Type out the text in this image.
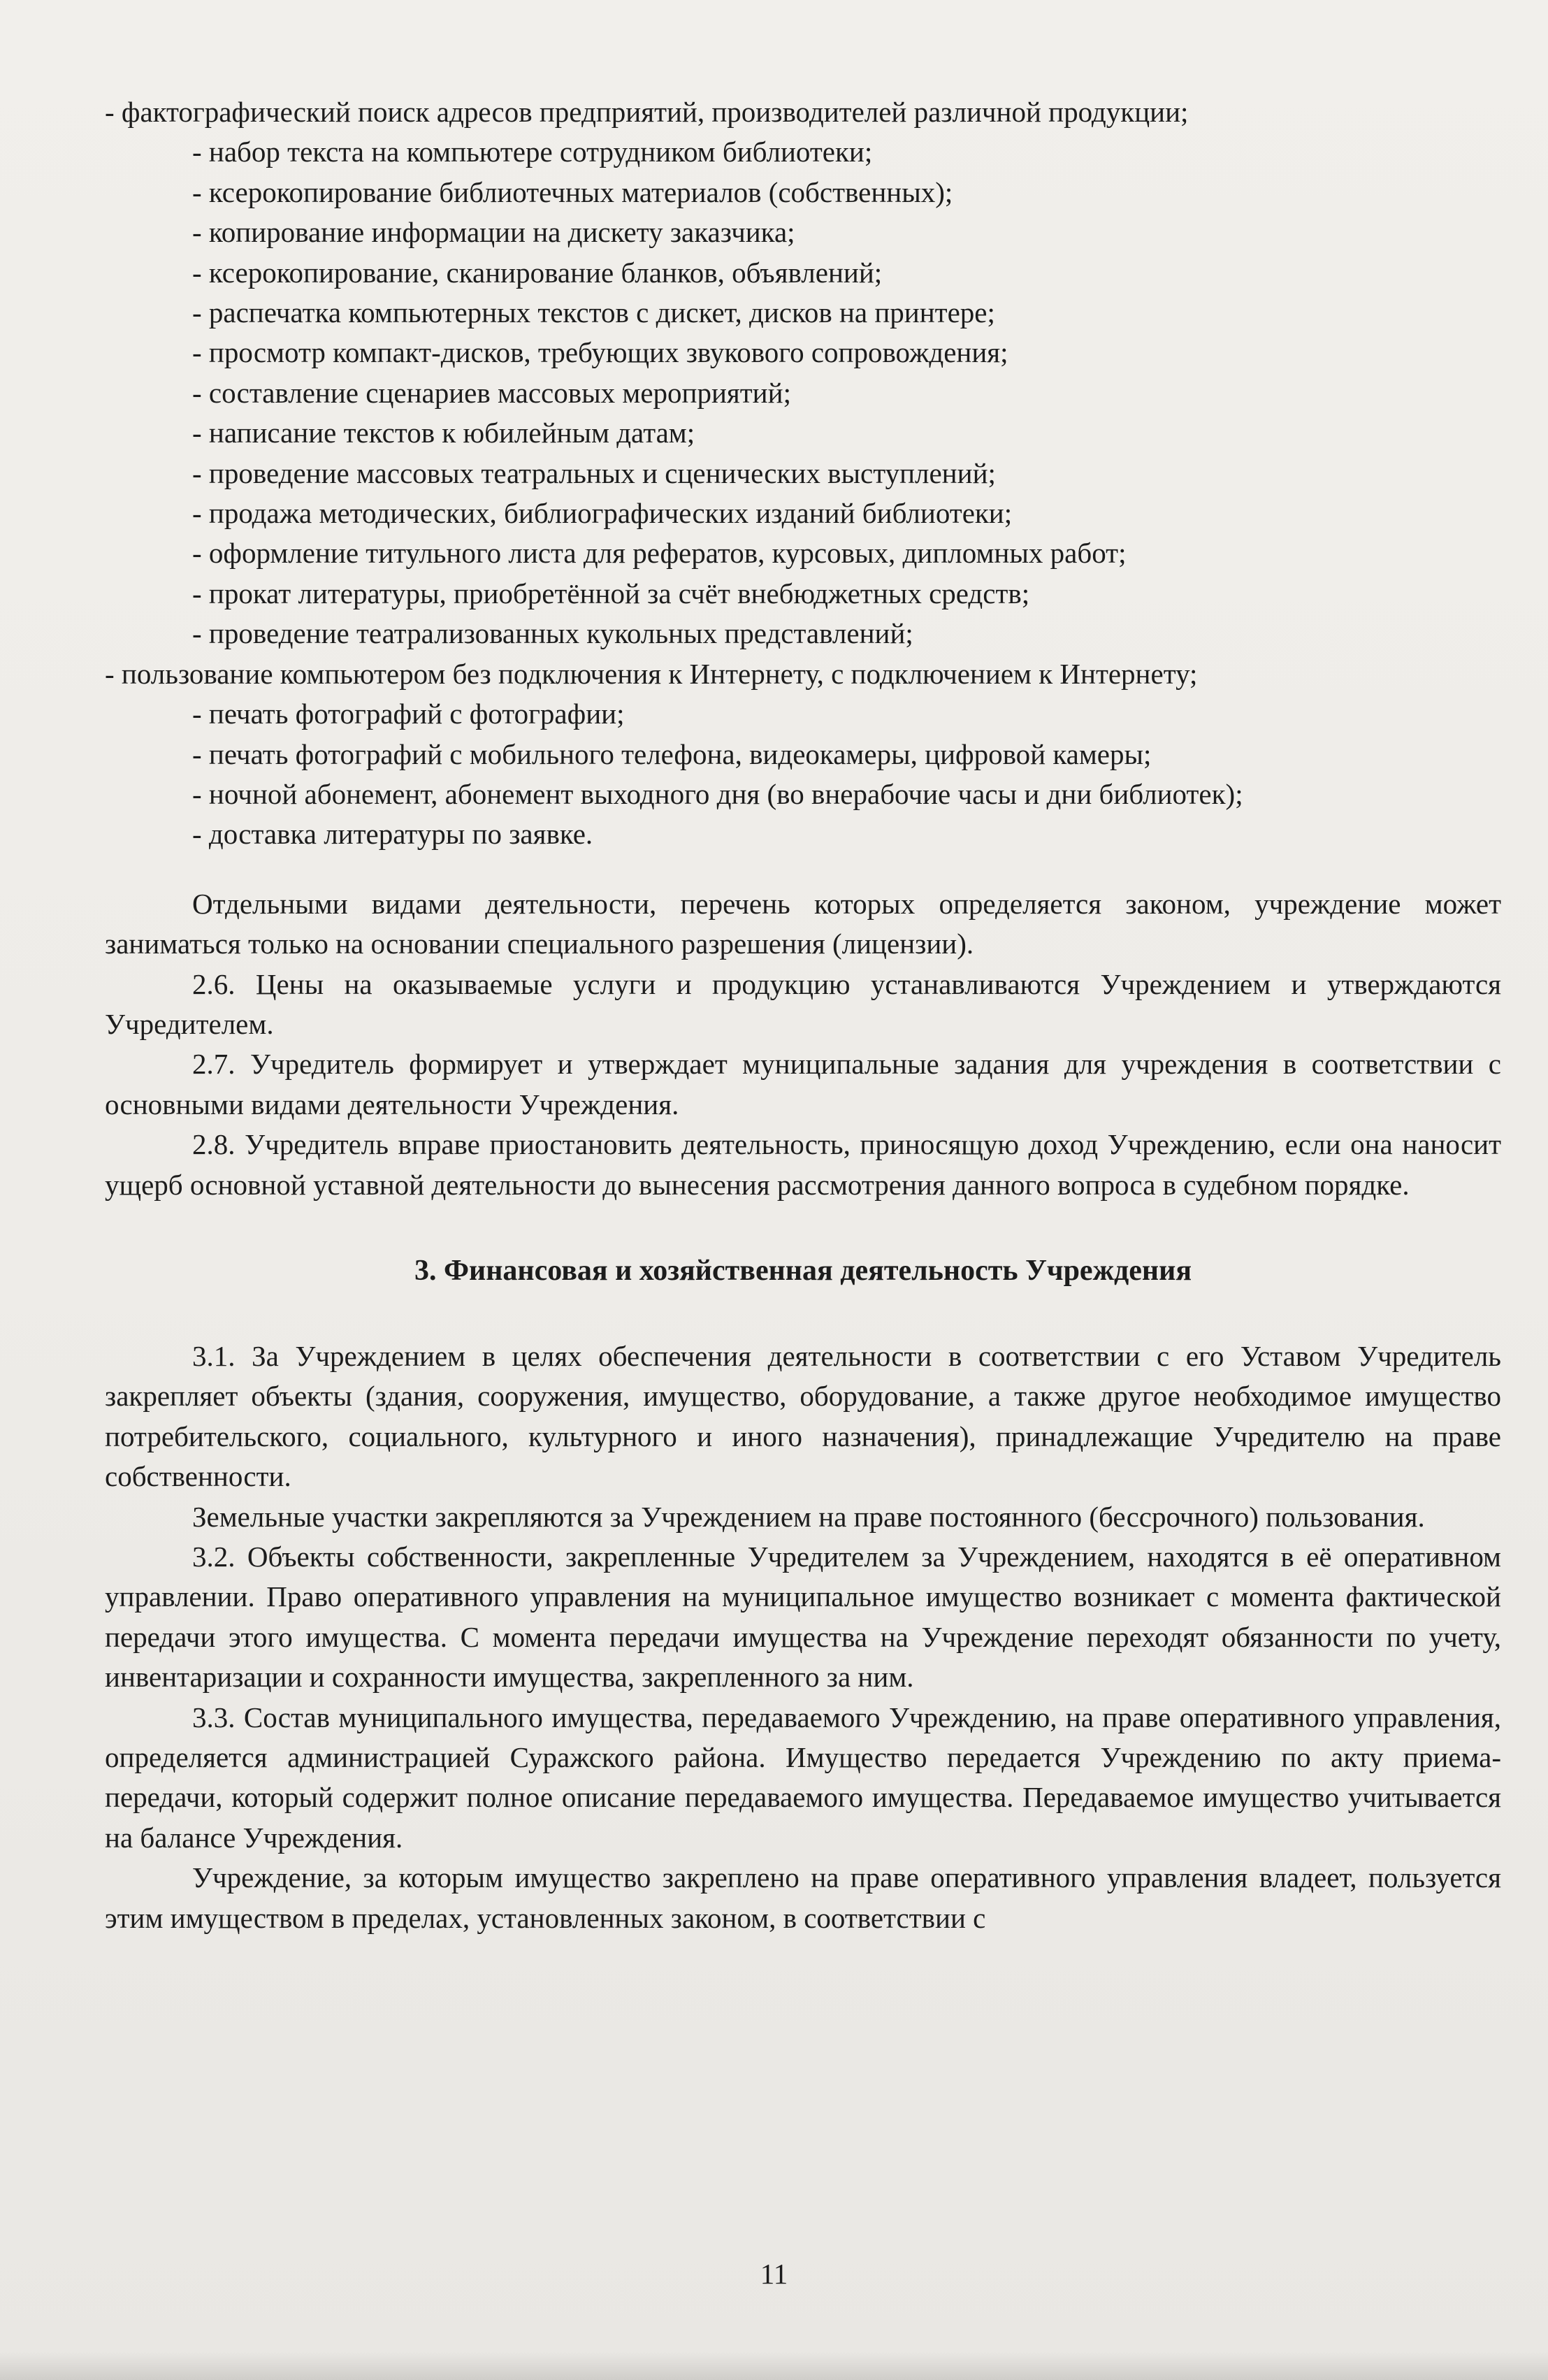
- фактографический поиск адресов предприятий, производителей различной продукции;
- набор текста на компьютере сотрудником библиотеки;
- ксерокопирование библиотечных материалов (собственных);
- копирование информации на дискету заказчика;
- ксерокопирование, сканирование бланков, объявлений;
- распечатка компьютерных текстов с дискет, дисков на принтере;
- просмотр компакт-дисков, требующих звукового сопровождения;
- составление сценариев массовых мероприятий;
- написание текстов к юбилейным датам;
- проведение массовых театральных и сценических выступлений;
- продажа методических, библиографических изданий библиотеки;
- оформление титульного листа для рефератов, курсовых, дипломных работ;
- прокат литературы, приобретённой за счёт внебюджетных средств;
- проведение театрализованных кукольных представлений;
- пользование компьютером без подключения к Интернету, с подключением к Интернету;
- печать фотографий с фотографии;
- печать фотографий с мобильного телефона, видеокамеры, цифровой камеры;
- ночной абонемент, абонемент выходного дня (во внерабочие часы и дни библиотек);
- доставка литературы по заявке.

Отдельными видами деятельности, перечень которых определяется законом, учреждение может заниматься только на основании специального разрешения (лицензии).

2.6. Цены на оказываемые услуги и продукцию устанавливаются Учреждением и утверждаются Учредителем.

2.7. Учредитель формирует и утверждает муниципальные задания для учреждения в соответствии с основными видами деятельности Учреждения.

2.8. Учредитель вправе приостановить деятельность, приносящую доход Учреждению, если она наносит ущерб основной уставной деятельности до вынесения рассмотрения данного вопроса в судебном порядке.

3. Финансовая и хозяйственная деятельность Учреждения

3.1. За Учреждением в целях обеспечения деятельности в соответствии с его Уставом Учредитель закрепляет объекты (здания, сооружения, имущество, оборудование, а также другое необходимое имущество потребительского, социального, культурного и иного назначения), принадлежащие Учредителю на праве собственности.

Земельные участки закрепляются за Учреждением на праве постоянного (бессрочного) пользования.

3.2. Объекты собственности, закрепленные Учредителем за Учреждением, находятся в её оперативном управлении. Право оперативного управления на муниципальное имущество возникает с момента фактической передачи этого имущества. С момента передачи имущества на Учреждение переходят обязанности по учету, инвентаризации и сохранности имущества, закрепленного за ним.

3.3. Состав муниципального имущества, передаваемого Учреждению, на праве оперативного управления, определяется администрацией Суражского района. Имущество передается Учреждению по акту приема-передачи, который содержит полное описание передаваемого имущества. Передаваемое имущество учитывается на балансе Учреждения.

Учреждение, за которым имущество закреплено на праве оперативного управления владеет, пользуется этим имуществом в пределах, установленных законом, в соответствии с

11
